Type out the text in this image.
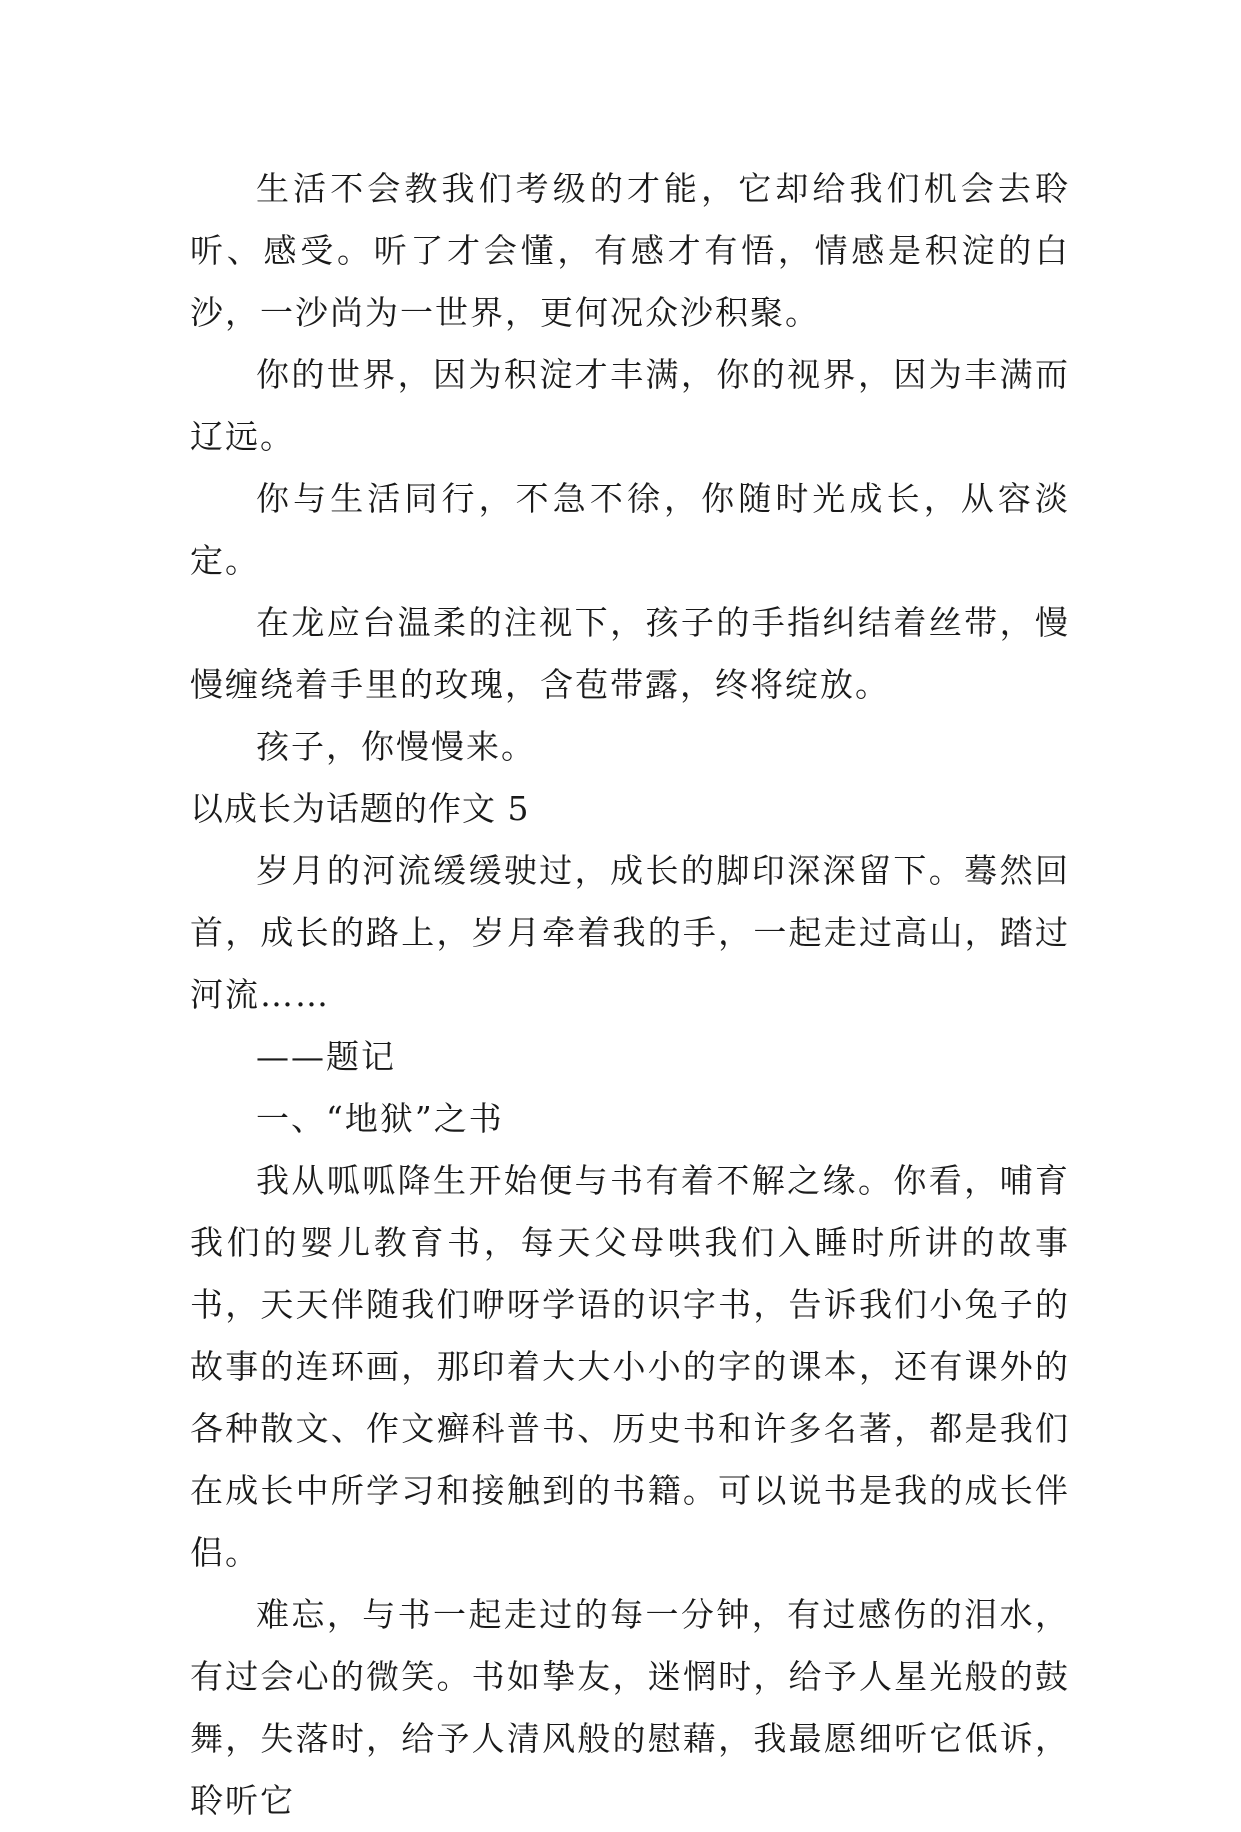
生活不会教我们考级的才能，它却给我们机会去聆听、感受。听了才会懂，有感才有悟，情感是积淀的白沙，一沙尚为一世界，更何况众沙积聚。

你的世界，因为积淀才丰满，你的视界，因为丰满而辽远。

你与生活同行，不急不徐，你随时光成长，从容淡定。

在龙应台温柔的注视下，孩子的手指纠结着丝带，慢慢缠绕着手里的玫瑰，含苞带露，终将绽放。

孩子，你慢慢来。

以成长为话题的作文 5

岁月的河流缓缓驶过，成长的脚印深深留下。蓦然回首，成长的路上，岁月牵着我的手，一起走过高山，踏过河流……

——题记

一、“地狱”之书

我从呱呱降生开始便与书有着不解之缘。你看，哺育我们的婴儿教育书，每天父母哄我们入睡时所讲的故事书，天天伴随我们咿呀学语的识字书，告诉我们小兔子的故事的连环画，那印着大大小小的字的课本，还有课外的各种散文、作文癣科普书、历史书和许多名著，都是我们在成长中所学习和接触到的书籍。可以说书是我的成长伴侣。

难忘，与书一起走过的每一分钟，有过感伤的泪水，有过会心的微笑。书如挚友，迷惘时，给予人星光般的鼓舞，失落时，给予人清风般的慰藉，我最愿细听它低诉，聆听它
